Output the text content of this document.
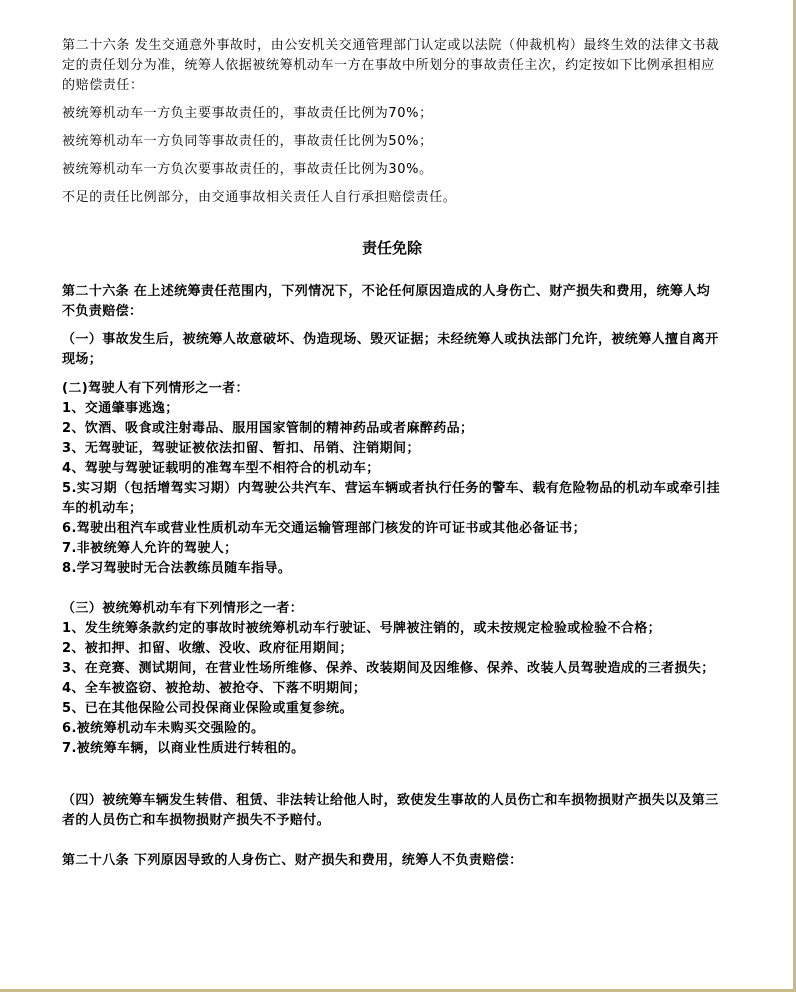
第二十六条 发生交通意外事故时，由公安机关交通管理部门认定或以法院（仲裁机构）最终生效的法律文书裁定的责任划分为准，统筹人依据被统筹机动车一方在事故中所划分的事故责任主次，约定按如下比例承担相应的赔偿责任：

被统筹机动车一方负主要事故责任的，事故责任比例为70%；

被统筹机动车一方负同等事故责任的，事故责任比例为50%；

被统筹机动车一方负次要事故责任的，事故责任比例为30%。

不足的责任比例部分，由交通事故相关责任人自行承担赔偿责任。

责任免除

第二十六条 在上述统筹责任范围内，下列情况下，不论任何原因造成的人身伤亡、财产损失和费用，统筹人均不负责赔偿：

（一）事故发生后，被统筹人故意破坏、伪造现场、毁灭证据；未经统筹人或执法部门允许，被统筹人擅自离开现场；

(二)驾驶人有下列情形之一者：

1、交通肇事逃逸；

2、饮酒、吸食或注射毒品、服用国家管制的精神药品或者麻醉药品；

3、无驾驶证，驾驶证被依法扣留、暂扣、吊销、注销期间；

4、驾驶与驾驶证载明的准驾车型不相符合的机动车；

5.实习期（包括增驾实习期）内驾驶公共汽车、营运车辆或者执行任务的警车、载有危险物品的机动车或牵引挂车的机动车；

6.驾驶出租汽车或营业性质机动车无交通运输管理部门核发的许可证书或其他必备证书；

7.非被统筹人允许的驾驶人；

8.学习驾驶时无合法教练员随车指导。

（三）被统筹机动车有下列情形之一者：

1、发生统筹条款约定的事故时被统筹机动车行驶证、号牌被注销的，或未按规定检验或检验不合格；

2、被扣押、扣留、收缴、没收、政府征用期间；

3、在竞赛、测试期间，在营业性场所维修、保养、改装期间及因维修、保养、改装人员驾驶造成的三者损失；

4、全车被盗窃、被抢劫、被抢夺、下落不明期间；

5、已在其他保险公司投保商业保险或重复参统。

6.被统筹机动车未购买交强险的。

7.被统筹车辆，以商业性质进行转租的。

（四）被统筹车辆发生转借、租赁、非法转让给他人时，致使发生事故的人员伤亡和车损物损财产损失以及第三者的人员伤亡和车损物损财产损失不予赔付。

第二十八条 下列原因导致的人身伤亡、财产损失和费用，统筹人不负责赔偿：
